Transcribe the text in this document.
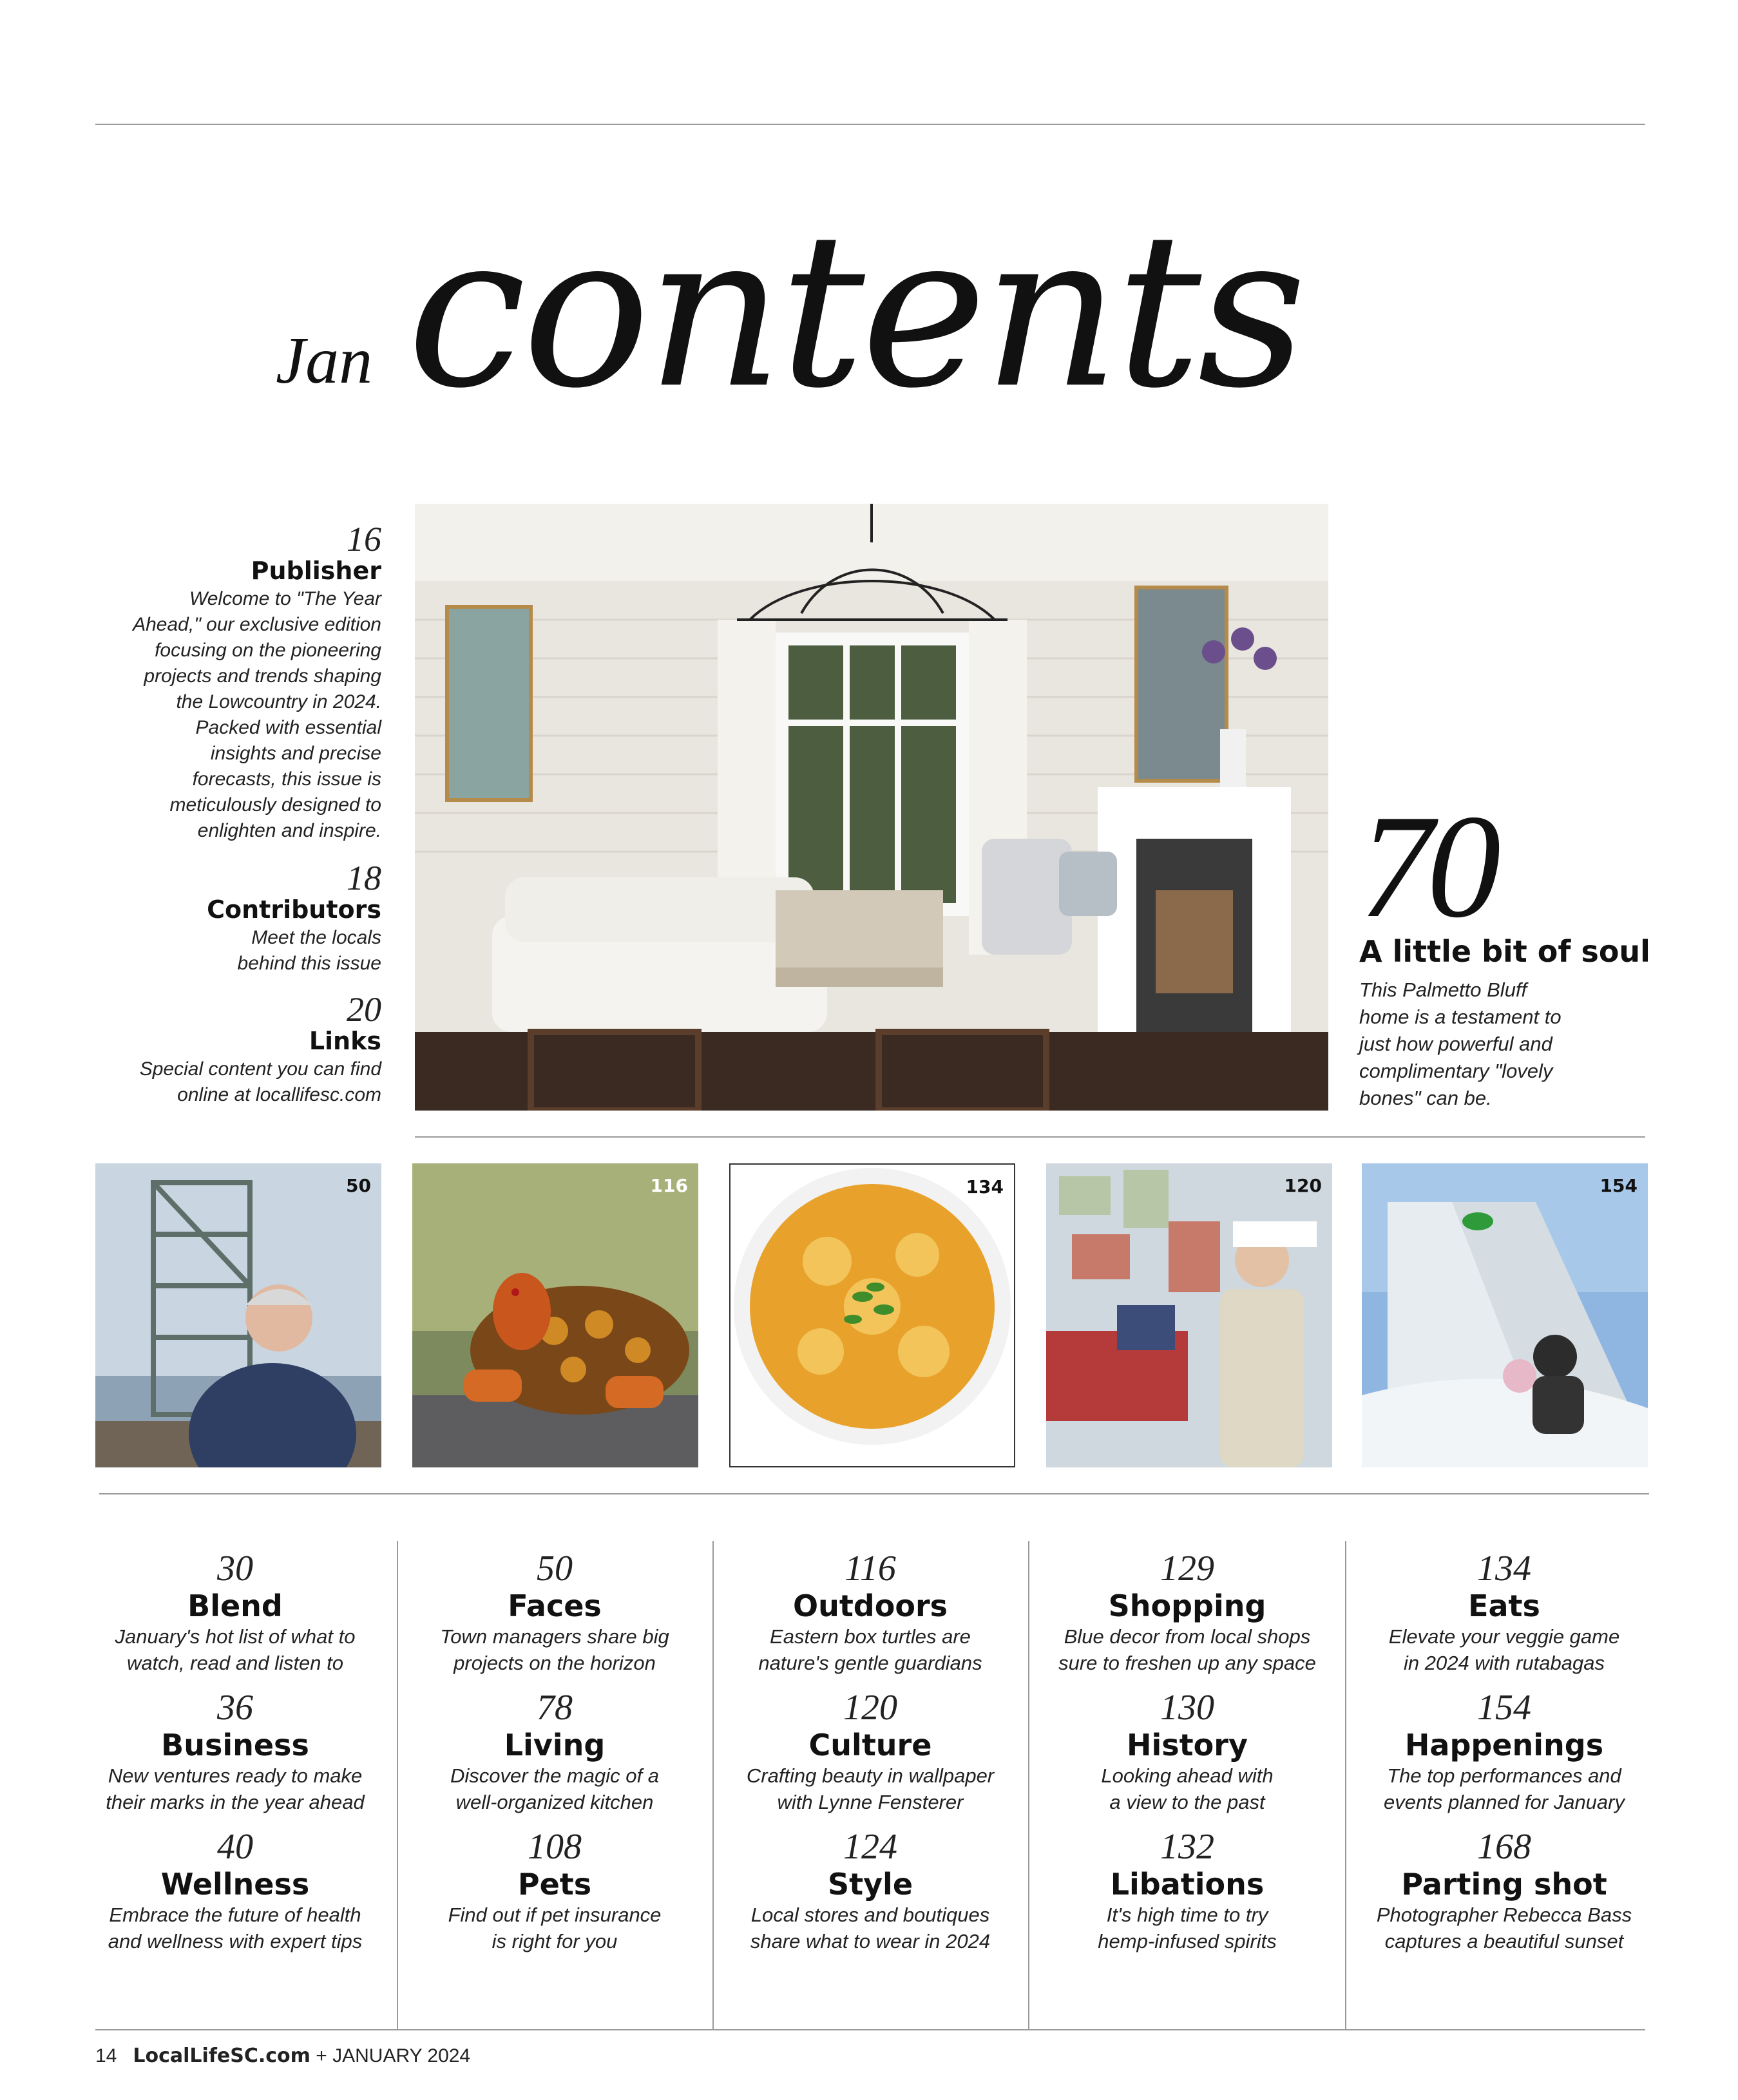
Jan contents
16
Publisher
Welcome to "The Year
Ahead," our exclusive edition
focusing on the pioneering
projects and trends shaping
the Lowcountry in 2024.
Packed with essential
insights and precise
forecasts, this issue is
meticulously designed to
enlighten and inspire.
18
Contributors
Meet the locals
behind this issue
20
Links
Special content you can find
online at locallifesc.com
70
A little bit of soul
This Palmetto Bluff
home is a testament to
just how powerful and
complimentary "lovely
bones" can be.
50	116	134	120	154
30
Blend
January's hot list of what to
watch, read and listen to
36
Business
New ventures ready to make
their marks in the year ahead
40
Wellness
Embrace the future of health
and wellness with expert tips
50
Faces
Town managers share big
projects on the horizon
78
Living
Discover the magic of a
well-organized kitchen
108
Pets
Find out if pet insurance
is right for you
116
Outdoors
Eastern box turtles are
nature's gentle guardians
120
Culture
Crafting beauty in wallpaper
with Lynne Fensterer
124
Style
Local stores and boutiques
share what to wear in 2024
129
Shopping
Blue decor from local shops
sure to freshen up any space
130
History
Looking ahead with
a view to the past
132
Libations
It's high time to try
hemp-infused spirits
134
Eats
Elevate your veggie game
in 2024 with rutabagas
154
Happenings
The top performances and
events planned for January
168
Parting shot
Photographer Rebecca Bass
captures a beautiful sunset
14 LocalLifeSC.com + JANUARY 2024
